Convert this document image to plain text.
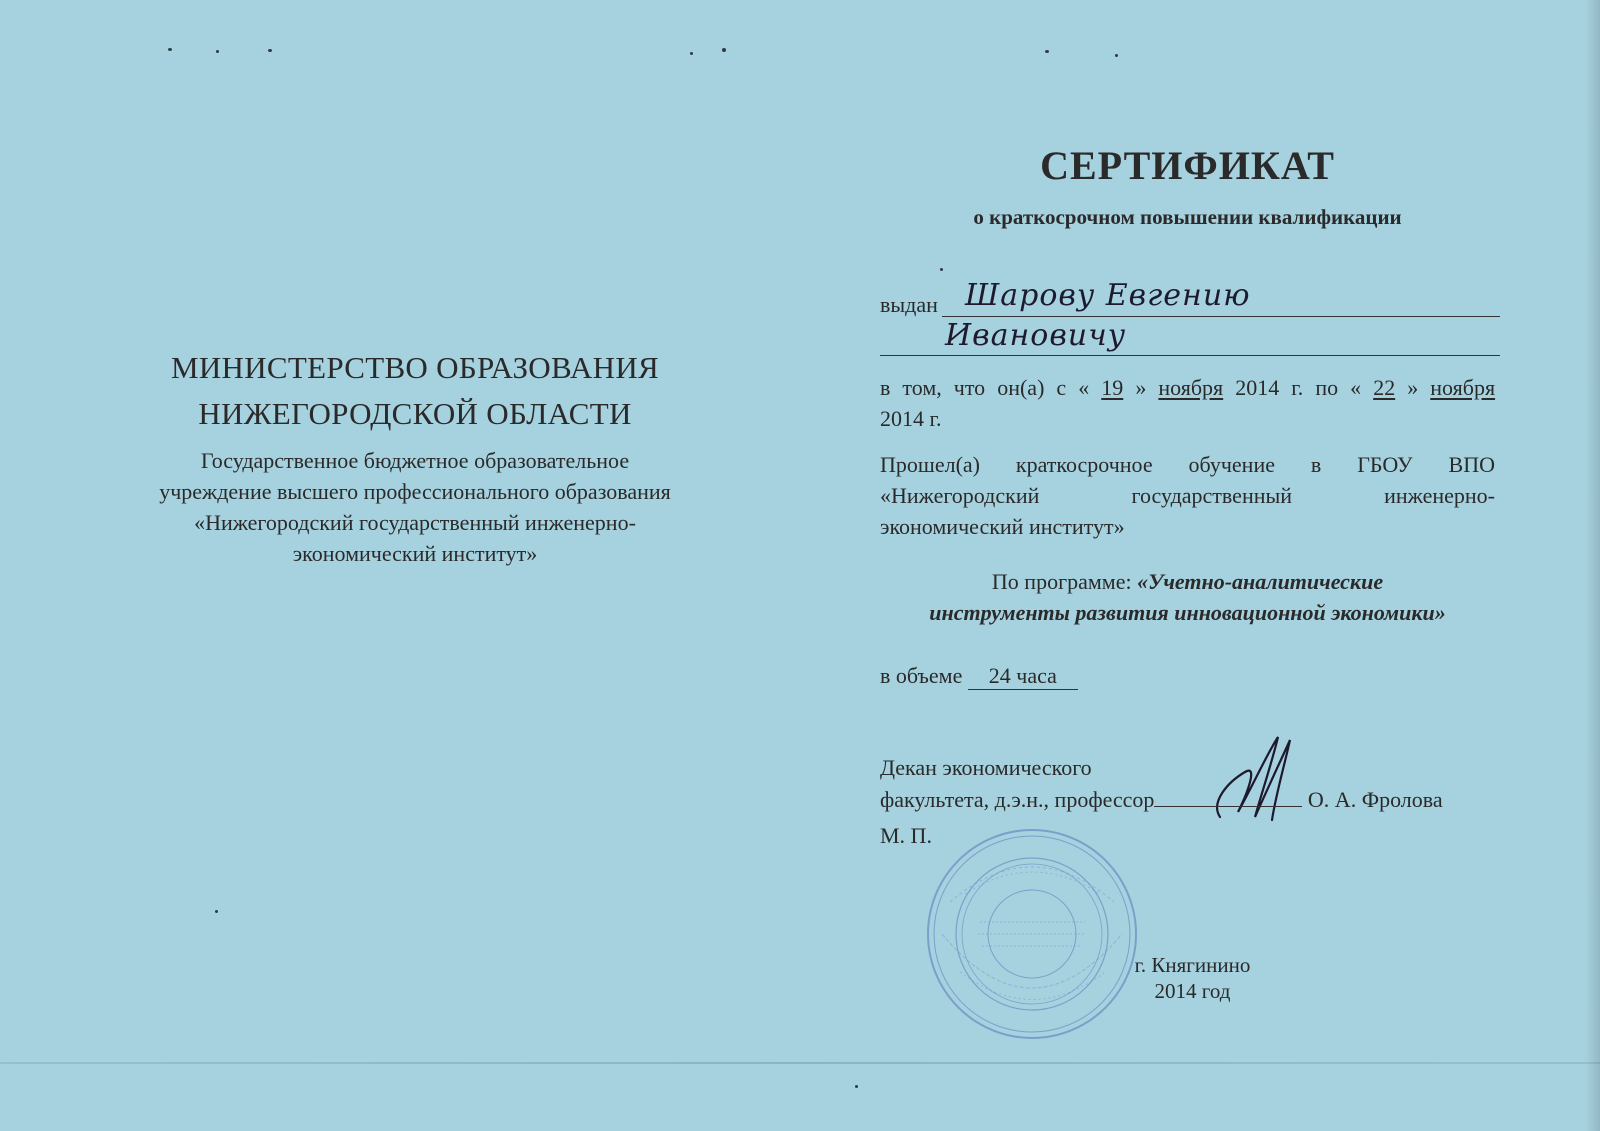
МИНИСТЕРСТВО ОБРАЗОВАНИЯ
НИЖЕГОРОДСКОЙ ОБЛАСТИ
Государственное бюджетное образовательное
учреждение высшего профессионального образования
«Нижегородский государственный инженерно-
экономический институт»
СЕРТИФИКАТ
о краткосрочном повышении квалификации
выдан Шарову Евгению
Ивановичу
в том, что он(а) с « 19 » ноября 2014 г. по « 22 » ноября
2014 г.
Прошел(а) краткосрочное обучение в ГБОУ ВПО
«Нижегородский государственный инженерно-
экономический институт»
По программе: «Учетно-аналитические
инструменты развития инновационной экономики»
в объеме 24 часа
Декан экономического
факультета, д.э.н., профессор	О. А. Фролова
М. П.
г. Княгинино
2014 год
